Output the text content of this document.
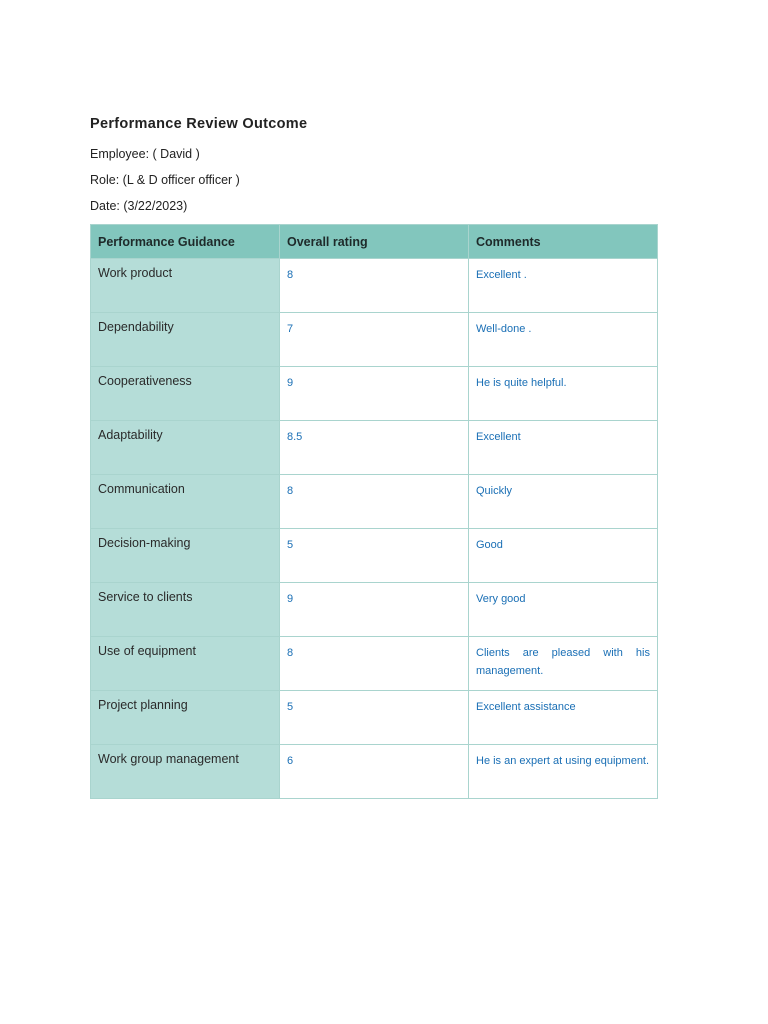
Performance Review Outcome
Employee: ( David )
Role: (L & D officer officer )
Date: (3/22/2023)
Performance Guidance	Overall rating	Comments
Work product	8	Excellent .

Dependability	7	Well-done .

Cooperativeness	9	He is quite helpful.

Adaptability	8.5	Excellent

Communication	8	Quickly

Decision-making	5	Good

Service to clients	9	Very good

Use of equipment	8	Clients are pleased with his management.

Project planning	5	Excellent assistance

Work group management	6	He is an expert at using equipment.
